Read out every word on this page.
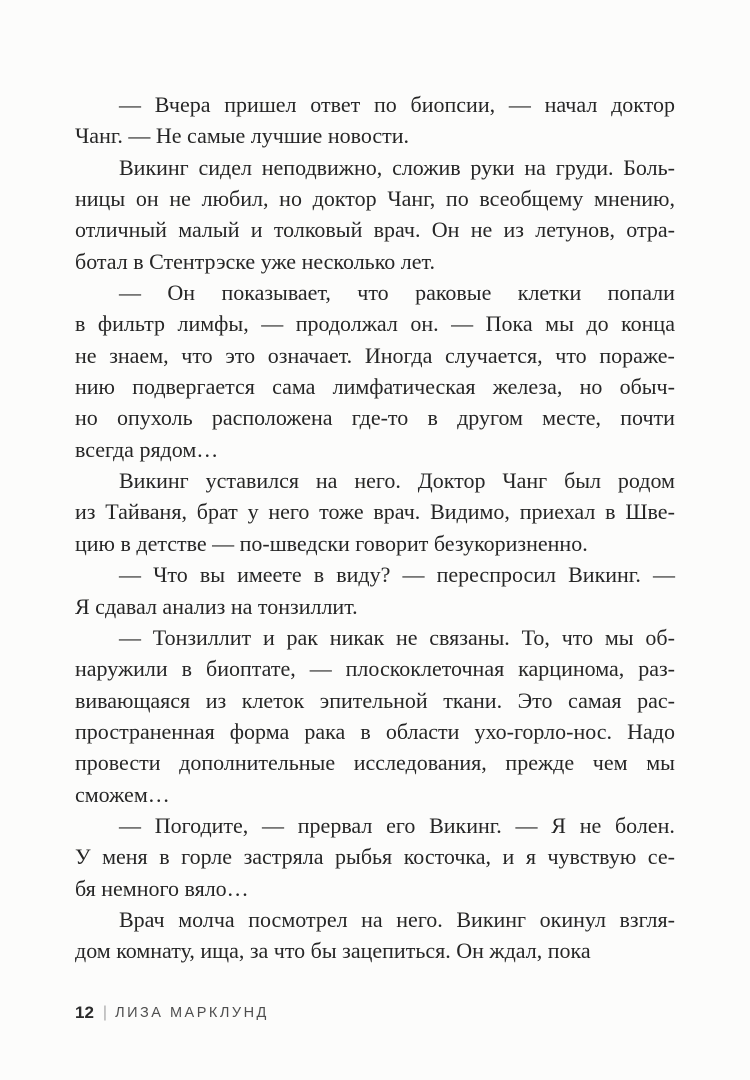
— Вчера пришел ответ по биопсии, — начал доктор
Чанг. — Не самые лучшие новости.
Викинг сидел неподвижно, сложив руки на груди. Боль-
ницы он не любил, но доктор Чанг, по всеобщему мнению,
отличный малый и толковый врач. Он не из летунов, отра-
ботал в Стентрэске уже несколько лет.
— Он показывает, что раковые клетки попали
в фильтр лимфы, — продолжал он. — Пока мы до конца
не знаем, что это означает. Иногда случается, что пораже-
нию подвергается сама лимфатическая железа, но обыч-
но опухоль расположена где-то в другом месте, почти
всегда рядом…
Викинг уставился на него. Доктор Чанг был родом
из Тайваня, брат у него тоже врач. Видимо, приехал в Шве-
цию в детстве — по-шведски говорит безукоризненно.
— Что вы имеете в виду? — переспросил Викинг. —
Я сдавал анализ на тонзиллит.
— Тонзиллит и рак никак не связаны. То, что мы об-
наружили в биоптате, — плоскоклеточная карцинома, раз-
вивающаяся из клеток эпительной ткани. Это самая рас-
пространенная форма рака в области ухо-горло-нос. Надо
провести дополнительные исследования, прежде чем мы
сможем…
— Погодите, — прервал его Викинг. — Я не болен.
У меня в горле застряла рыбья косточка, и я чувствую се-
бя немного вяло…
Врач молча посмотрел на него. Викинг окинул взгля-
дом комнату, ища, за что бы зацепиться. Он ждал, пока
12 | ЛИЗА МАРКЛУНД
